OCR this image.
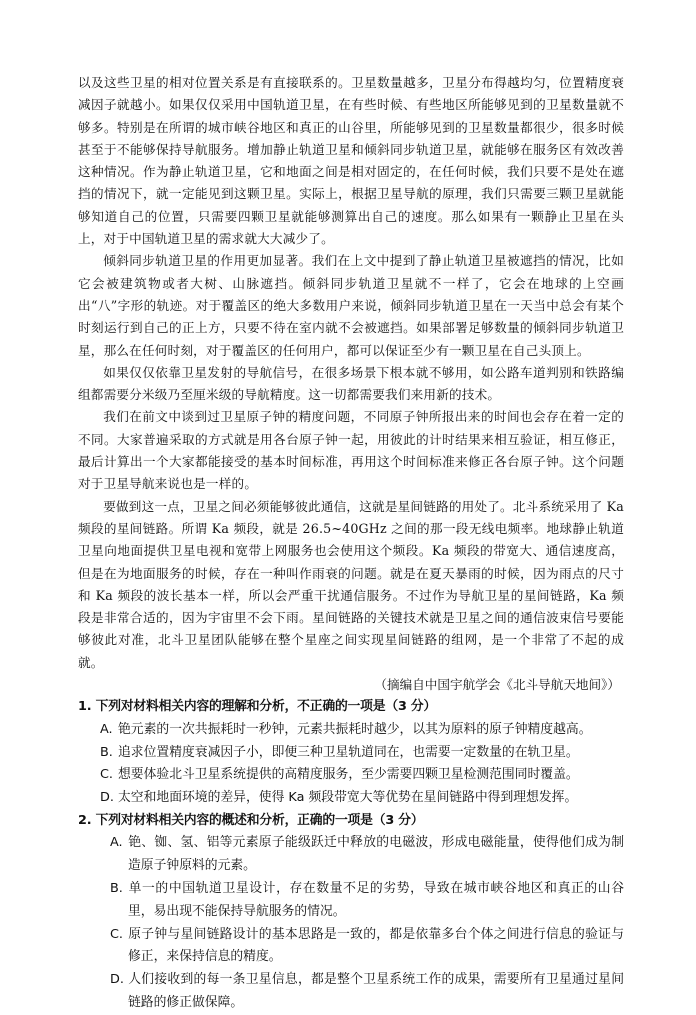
以及这些卫星的相对位置关系是有直接联系的。卫星数量越多，卫星分布得越均匀，位置精度衰减因子就越小。如果仅仅采用中国轨道卫星，在有些时候、有些地区所能够见到的卫星数量就不够多。特别是在所谓的城市峡谷地区和真正的山谷里，所能够见到的卫星数量都很少，很多时候甚至于不能够保持导航服务。增加静止轨道卫星和倾斜同步轨道卫星，就能够在服务区有效改善这种情况。作为静止轨道卫星，它和地面之间是相对固定的，在任何时候，我们只要不是处在遮挡的情况下，就一定能见到这颗卫星。实际上，根据卫星导航的原理，我们只需要三颗卫星就能够知道自己的位置，只需要四颗卫星就能够测算出自己的速度。那么如果有一颗静止卫星在头上，对于中国轨道卫星的需求就大大减少了。

倾斜同步轨道卫星的作用更加显著。我们在上文中提到了静止轨道卫星被遮挡的情况，比如它会被建筑物或者大树、山脉遮挡。倾斜同步轨道卫星就不一样了，它会在地球的上空画出“八”字形的轨迹。对于覆盖区的绝大多数用户来说，倾斜同步轨道卫星在一天当中总会有某个时刻运行到自己的正上方，只要不待在室内就不会被遮挡。如果部署足够数量的倾斜同步轨道卫星，那么在任何时刻，对于覆盖区的任何用户，都可以保证至少有一颗卫星在自己头顶上。

如果仅仅依靠卫星发射的导航信号，在很多场景下根本就不够用，如公路车道判别和铁路编组都需要分米级乃至厘米级的导航精度。这一切都需要我们来用新的技术。

我们在前文中谈到过卫星原子钟的精度问题，不同原子钟所报出来的时间也会存在着一定的不同。大家普遍采取的方式就是用各台原子钟一起，用彼此的计时结果来相互验证，相互修正，最后计算出一个大家都能接受的基本时间标准，再用这个时间标准来修正各台原子钟。这个问题对于卫星导航来说也是一样的。

要做到这一点，卫星之间必须能够彼此通信，这就是星间链路的用处了。北斗系统采用了 Ka 频段的星间链路。所谓 Ka 频段，就是 26.5~40GHz 之间的那一段无线电频率。地球静止轨道卫星向地面提供卫星电视和宽带上网服务也会使用这个频段。Ka 频段的带宽大、通信速度高，但是在为地面服务的时候，存在一种叫作雨衰的问题。就是在夏天暴雨的时候，因为雨点的尺寸和 Ka 频段的波长基本一样，所以会严重干扰通信服务。不过作为导航卫星的星间链路，Ka 频段是非常合适的，因为宇宙里不会下雨。星间链路的关键技术就是卫星之间的通信波束信号要能够彼此对准，北斗卫星团队能够在整个星座之间实现星间链路的组网，是一个非常了不起的成就。

（摘编自中国宇航学会《北斗导航天地间》）

1. 下列对材料相关内容的理解和分析，不正确的一项是（3 分）

A. 铯元素的一次共振耗时一秒钟，元素共振耗时越少，以其为原料的原子钟精度越高。

B. 追求位置精度衰减因子小，即便三种卫星轨道同在，也需要一定数量的在轨卫星。

C. 想要体验北斗卫星系统提供的高精度服务，至少需要四颗卫星检测范围同时覆盖。

D. 太空和地面环境的差异，使得 Ka 频段带宽大等优势在星间链路中得到理想发挥。

2. 下列对材料相关内容的概述和分析，正确的一项是（3 分）

A. 铯、铷、氢、铝等元素原子能级跃迁中释放的电磁波，形成电磁能量，使得他们成为制造原子钟原料的元素。

B. 单一的中国轨道卫星设计，存在数量不足的劣势，导致在城市峡谷地区和真正的山谷里，易出现不能保持导航服务的情况。

C. 原子钟与星间链路设计的基本思路是一致的，都是依靠多台个体之间进行信息的验证与修正，来保持信息的精度。

D. 人们接收到的每一条卫星信息，都是整个卫星系统工作的成果，需要所有卫星通过星间链路的修正做保障。
